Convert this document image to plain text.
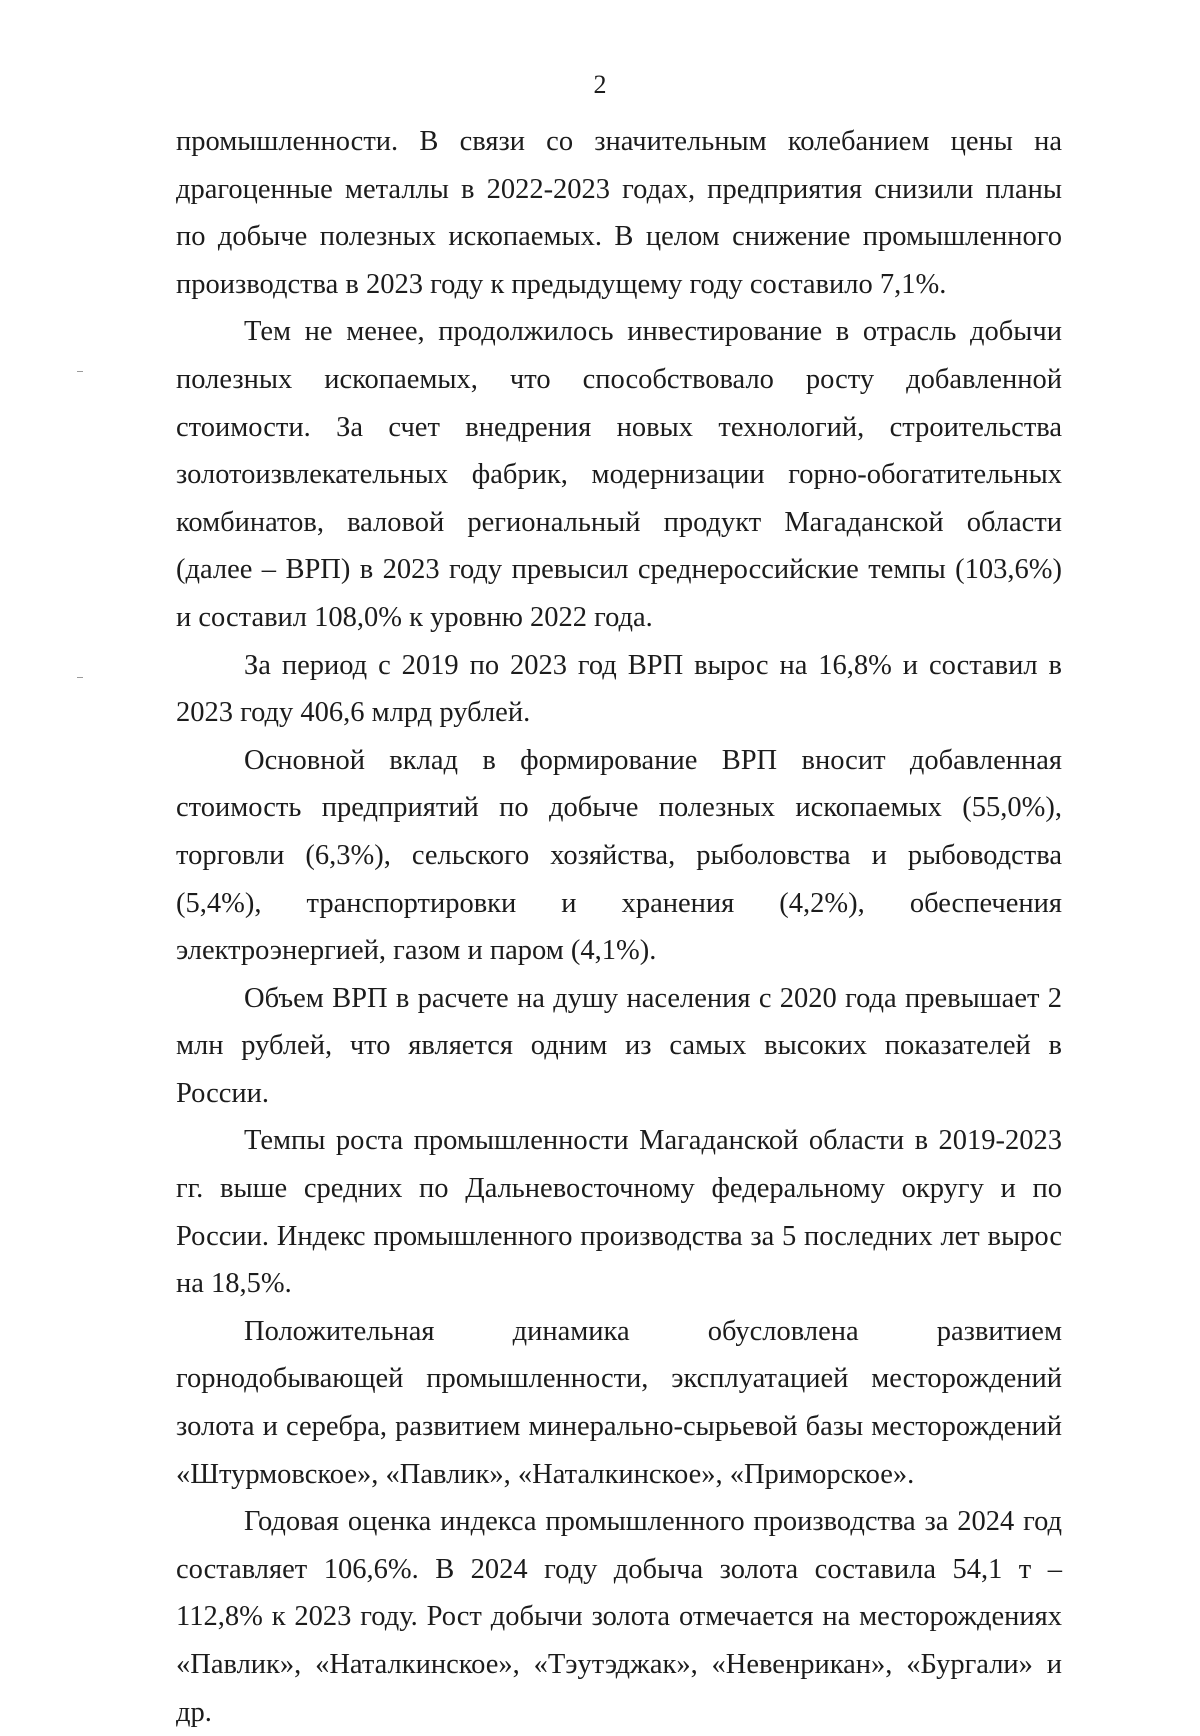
2

промышленности. В связи со значительным колебанием цены на драгоценные металлы в 2022-2023 годах, предприятия снизили планы по добыче полезных ископаемых. В целом снижение промышленного производства в 2023 году к предыдущему году составило 7,1%.

Тем не менее, продолжилось инвестирование в отрасль добычи полезных ископаемых, что способствовало росту добавленной стоимости. За счет внедрения новых технологий, строительства золотоизвлекательных фабрик, модернизации горно-обогатительных комбинатов, валовой региональный продукт Магаданской области (далее – ВРП) в 2023 году превысил среднероссийские темпы (103,6%) и составил 108,0% к уровню 2022 года.

За период с 2019 по 2023 год ВРП вырос на 16,8% и составил в 2023 году 406,6 млрд рублей.

Основной вклад в формирование ВРП вносит добавленная стоимость предприятий по добыче полезных ископаемых (55,0%), торговли (6,3%), сельского хозяйства, рыболовства и рыбоводства (5,4%), транспортировки и хранения (4,2%), обеспечения электроэнергией, газом и паром (4,1%).

Объем ВРП в расчете на душу населения с 2020 года превышает 2 млн рублей, что является одним из самых высоких показателей в России.

Темпы роста промышленности Магаданской области в 2019-2023 гг. выше средних по Дальневосточному федеральному округу и по России. Индекс промышленного производства за 5 последних лет вырос на 18,5%.

Положительная динамика обусловлена развитием горнодобывающей промышленности, эксплуатацией месторождений золота и серебра, развитием минерально-сырьевой базы месторождений «Штурмовское», «Павлик», «Наталкинское», «Приморское».

Годовая оценка индекса промышленного производства за 2024 год составляет 106,6%. В 2024 году добыча золота составила 54,1 т – 112,8% к 2023 году. Рост добычи золота отмечается на месторождениях «Павлик», «Наталкинское», «Тэутэджак», «Невенрикан», «Бургали» и др.
